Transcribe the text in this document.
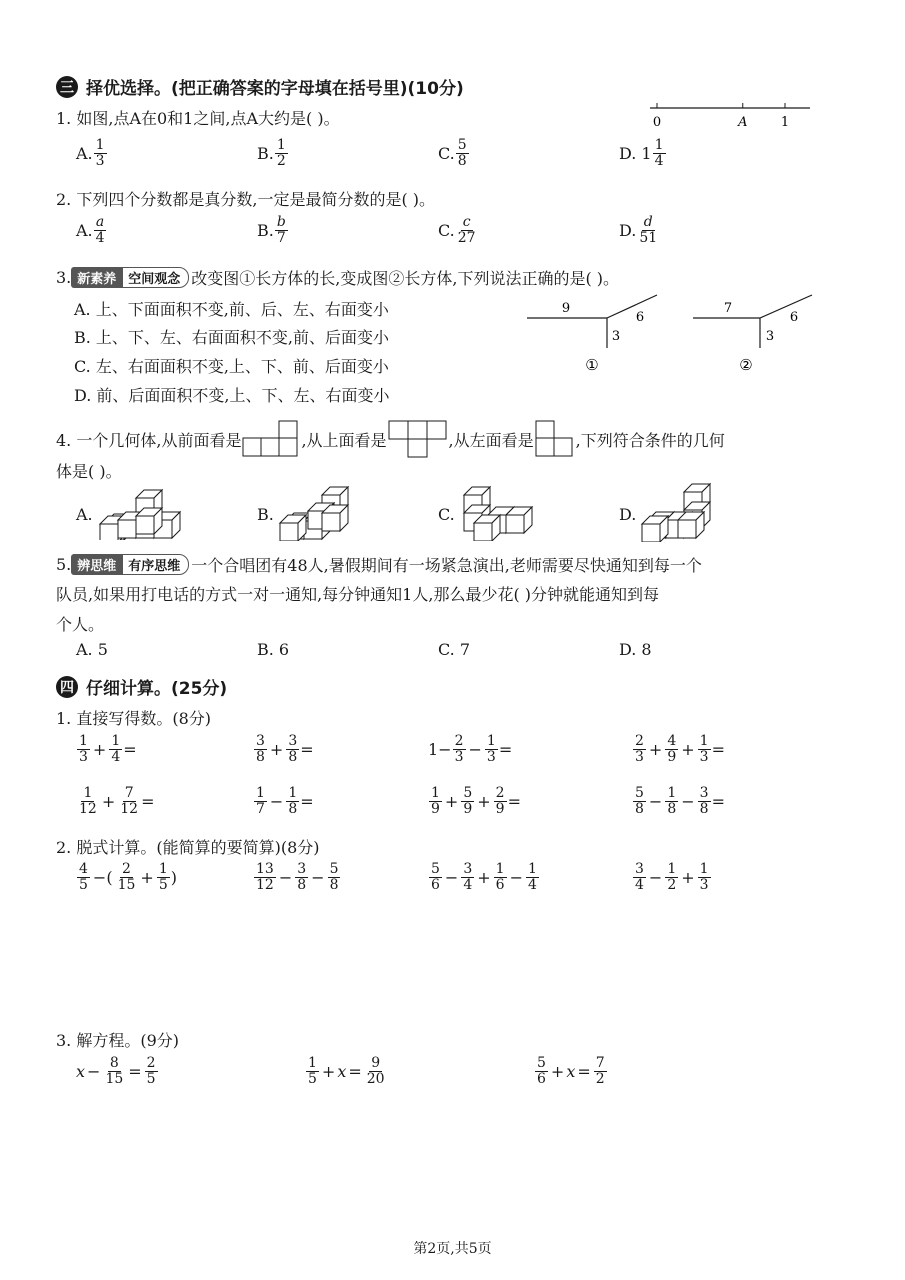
三 择优选择。(把正确答案的字母填在括号里)(10分)
1. 如图,点A在0和1之间,点A大约是( )。	0	A	1
A. $\frac{1}{3}$	B. $\frac{1}{2}$	C. $\frac{5}{8}$	D. $1 \frac{1}{4}$
2. 下列四个分数都是真分数,一定是最简分数的是( )。
A. $\frac{a}{4}$	B. $\frac{b}{7}$	C. $\frac{c}{27}$	D. $\frac{d}{51}$
3. 新素养 空间观念 改变图①长方体的长,变成图②长方体,下列说法正确的是( )。
A. 上、下面面积不变,前、后、左、右面变小
B. 上、下、左、右面面积不变,前、后面变小
C. 左、右面面积不变,上、下、前、后面变小
D. 前、后面面积不变,上、下、左、右面变小
9
6
3
①
7
6
3
②
4. 一个几何体,从前面看是	,从上面看是	,从左面看是	,下列符合条件的几何
体是( )。
A.	B.	C.	D.
5. 辨思维 有序思维 一个合唱团有48人,暑假期间有一场紧急演出,老师需要尽快通知到每一个
队员,如果用打电话的方式一对一通知,每分钟通知1人,那么最少花( )分钟就能通知到每
个人。
A. 5	B. 6	C. 7	D. 8
四 仔细计算。(25分)
1. 直接写得数。(8分)
$\frac{1}{3} + \frac{1}{4}$ =	$\frac{3}{8} + \frac{3}{8}$ =	$1- \frac{2}{3} - \frac{1}{3}$ =	$\frac{2}{3} + \frac{4}{9} + \frac{1}{3}$ =
$\frac{1}{12} + \frac{7}{12}$ =	$\frac{1}{7} - \frac{1}{8}$ =	$\frac{1}{9} + \frac{5}{9} + \frac{2}{9}$ =	$\frac{5}{8} - \frac{1}{8} - \frac{3}{8}$ =
2. 脱式计算。(能简算的要简算)(8分)
$\frac{4}{5}$ −( $\frac{2}{15} + \frac{1}{5}$ )	$\frac{13}{12} - \frac{3}{8} - \frac{5}{8}$	$\frac{5}{6} - \frac{3}{4} + \frac{1}{6} - \frac{1}{4}$	$\frac{3}{4} - \frac{1}{2} + \frac{1}{3}$
3. 解方程。(9分)
$x - \frac{8}{15} = \frac{2}{5}$	$\frac{1}{5} + x = \frac{9}{20}$	$\frac{5}{6} + x = \frac{7}{2}$
第2页,共5页
